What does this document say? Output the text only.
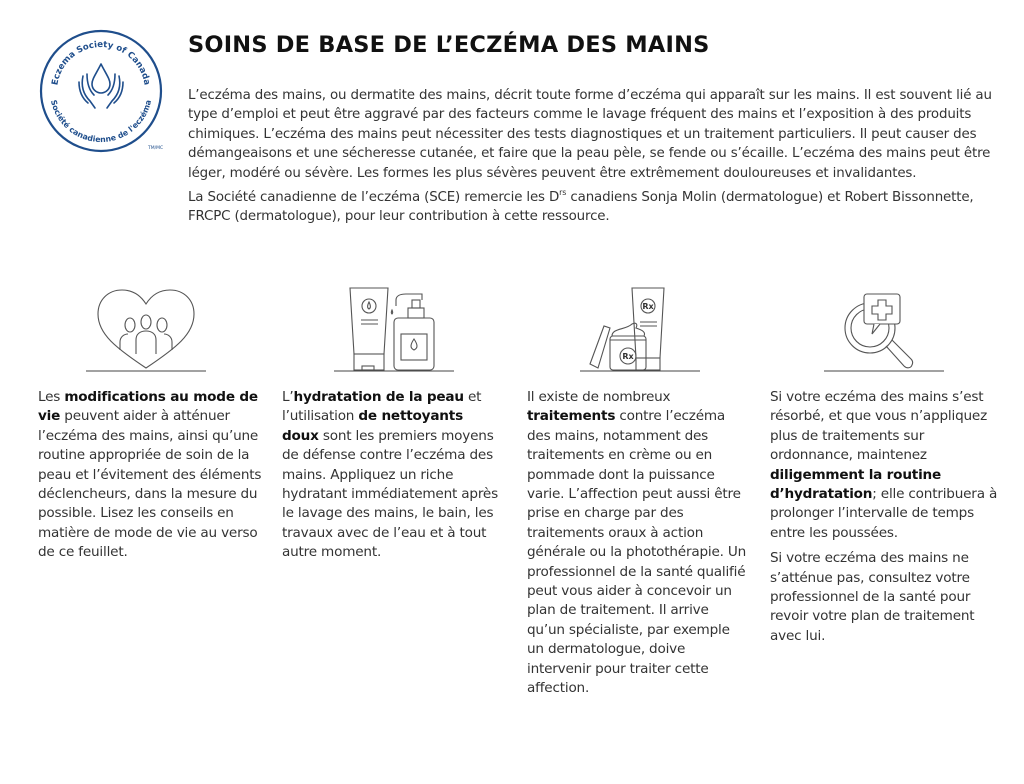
Eczema Society of Canada
Société canadienne de l'eczéma
TM/MC
SOINS DE BASE DE L’ECZÉMA DES MAINS

L’eczéma des mains, ou dermatite des mains, décrit toute forme d’eczéma qui apparaît sur les mains. Il est souvent lié au type d’emploi et peut être aggravé par des facteurs comme le lavage fréquent des mains et l’exposition à des produits chimiques. L’eczéma des mains peut nécessiter des tests diagnostiques et un traitement particuliers. Il peut causer des démangeaisons et une sécheresse cutanée, et faire que la peau pèle, se fende ou s’écaille. L’eczéma des mains peut être léger, modéré ou sévère. Les formes les plus sévères peuvent être extrêmement douloureuses et invalidantes.

La Société canadienne de l’eczéma (SCE) remercie les $D^{rs}$ canadiens Sonja Molin (dermatologue) et Robert Bissonnette, FRCPC (dermatologue), pour leur contribution à cette ressource.

Rx
Rx

Les modifications au mode de vie peuvent aider à atténuer l’eczéma des mains, ainsi qu’une routine appropriée de soin de la peau et l’évitement des éléments déclencheurs, dans la mesure du possible. Lisez les conseils en matière de mode de vie au verso de ce feuillet.

L’hydratation de la peau et l’utilisation de nettoyants doux sont les premiers moyens de défense contre l’eczéma des mains. Appliquez un riche hydratant immédiatement après le lavage des mains, le bain, les travaux avec de l’eau et à tout autre moment.

Il existe de nombreux traitements contre l’eczéma des mains, notamment des traitements en crème ou en pommade dont la puissance varie. L’affection peut aussi être prise en charge par des traitements oraux à action générale ou la photothérapie. Un professionnel de la santé qualifié peut vous aider à concevoir un plan de traitement. Il arrive qu’un spécialiste, par exemple un dermatologue, doive intervenir pour traiter cette affection.

Si votre eczéma des mains s’est résorbé, et que vous n’appliquez plus de traitements sur ordonnance, maintenez diligemment la routine d’hydratation; elle contribuera à prolonger l’intervalle de temps entre les poussées.

Si votre eczéma des mains ne s’atténue pas, consultez votre professionnel de la santé pour revoir votre plan de traitement avec lui.
